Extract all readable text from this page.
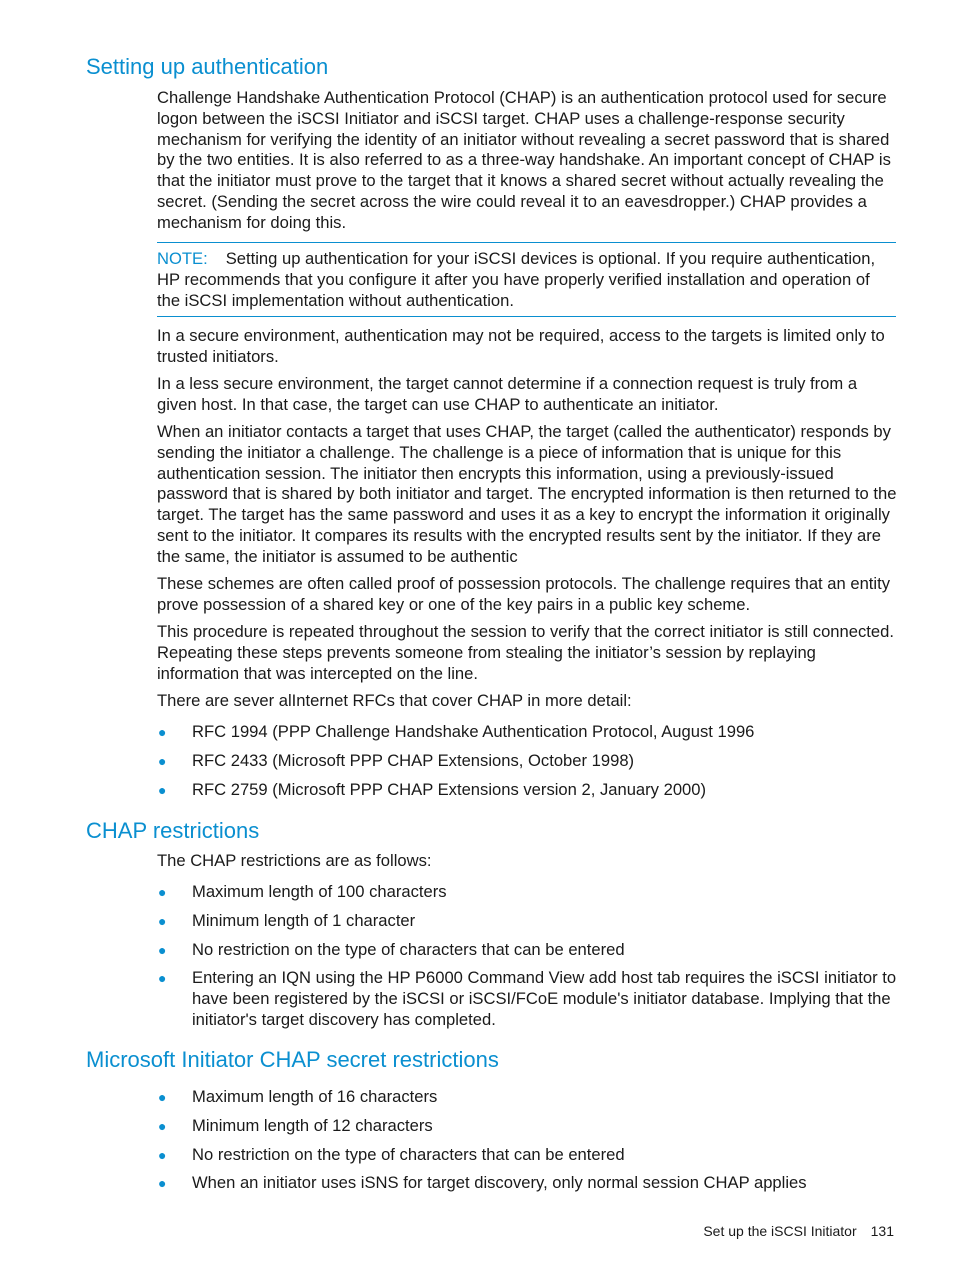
Setting up authentication

Challenge Handshake Authentication Protocol (CHAP) is an authentication protocol used for secure logon between the iSCSI Initiator and iSCSI target. CHAP uses a challenge-response security mechanism for verifying the identity of an initiator without revealing a secret password that is shared by the two entities. It is also referred to as a three-way handshake. An important concept of CHAP is that the initiator must prove to the target that it knows a shared secret without actually revealing the secret. (Sending the secret across the wire could reveal it to an eavesdropper.) CHAP provides a mechanism for doing this.

NOTE: Setting up authentication for your iSCSI devices is optional. If you require authentication, HP recommends that you configure it after you have properly verified installation and operation of the iSCSI implementation without authentication.

In a secure environment, authentication may not be required, access to the targets is limited only to trusted initiators.

In a less secure environment, the target cannot determine if a connection request is truly from a given host. In that case, the target can use CHAP to authenticate an initiator.

When an initiator contacts a target that uses CHAP, the target (called the authenticator) responds by sending the initiator a challenge. The challenge is a piece of information that is unique for this authentication session. The initiator then encrypts this information, using a previously-issued password that is shared by both initiator and target. The encrypted information is then returned to the target. The target has the same password and uses it as a key to encrypt the information it originally sent to the initiator. It compares its results with the encrypted results sent by the initiator. If they are the same, the initiator is assumed to be authentic

These schemes are often called proof of possession protocols. The challenge requires that an entity prove possession of a shared key or one of the key pairs in a public key scheme.

This procedure is repeated throughout the session to verify that the correct initiator is still connected. Repeating these steps prevents someone from stealing the initiator’s session by replaying information that was intercepted on the line.

There are sever alInternet RFCs that cover CHAP in more detail:

● RFC 1994 (PPP Challenge Handshake Authentication Protocol, August 1996
● RFC 2433 (Microsoft PPP CHAP Extensions, October 1998)
● RFC 2759 (Microsoft PPP CHAP Extensions version 2, January 2000)
CHAP restrictions

The CHAP restrictions are as follows:

● Maximum length of 100 characters
● Minimum length of 1 character
● No restriction on the type of characters that can be entered
● Entering an IQN using the HP P6000 Command View add host tab requires the iSCSI initiator to have been registered by the iSCSI or iSCSI/FCoE module's initiator database. Implying that the initiator's target discovery has completed.
Microsoft Initiator CHAP secret restrictions
● Maximum length of 16 characters
● Minimum length of 12 characters
● No restriction on the type of characters that can be entered
● When an initiator uses iSNS for target discovery, only normal session CHAP applies
Set up the iSCSI Initiator 131
